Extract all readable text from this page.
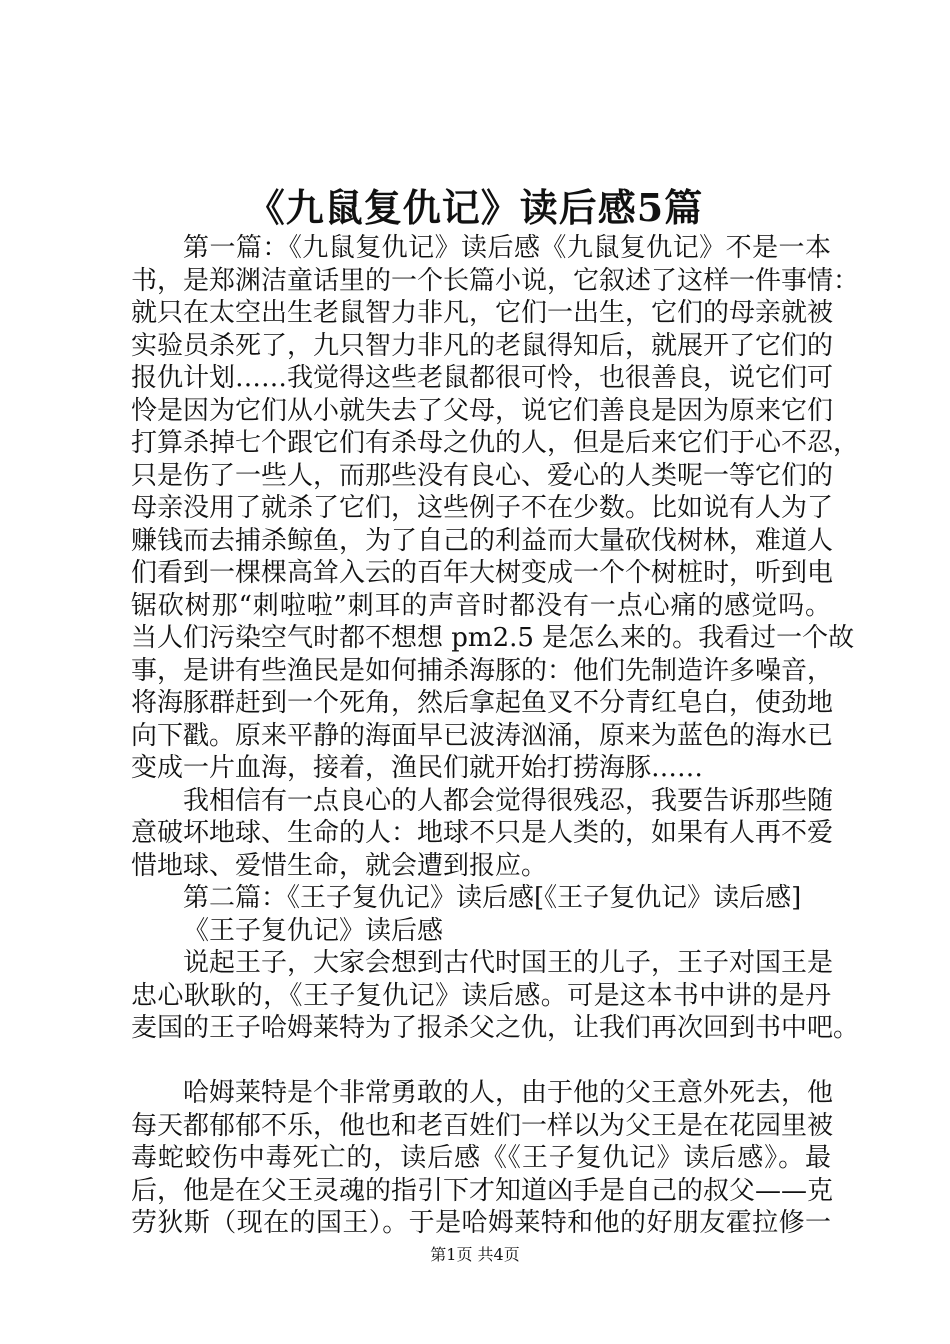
《九鼠复仇记》读后感5篇
第一篇：《九鼠复仇记》读后感《九鼠复仇记》不是一本
书，是郑渊洁童话里的一个长篇小说，它叙述了这样一件事情：
就只在太空出生老鼠智力非凡，它们一出生，它们的母亲就被
实验员杀死了，九只智力非凡的老鼠得知后，就展开了它们的
报仇计划……我觉得这些老鼠都很可怜，也很善良，说它们可
怜是因为它们从小就失去了父母，说它们善良是因为原来它们
打算杀掉七个跟它们有杀母之仇的人，但是后来它们于心不忍，
只是伤了一些人，而那些没有良心、爱心的人类呢一等它们的
母亲没用了就杀了它们，这些例子不在少数。比如说有人为了
赚钱而去捕杀鲸鱼，为了自己的利益而大量砍伐树林，难道人
们看到一棵棵高耸入云的百年大树变成一个个树桩时，听到电
锯砍树那“刺啦啦”刺耳的声音时都没有一点心痛的感觉吗。
当人们污染空气时都不想想 pm2.5 是怎么来的。我看过一个故
事，是讲有些渔民是如何捕杀海豚的：他们先制造许多噪音，
将海豚群赶到一个死角，然后拿起鱼叉不分青红皂白，使劲地
向下戳。原来平静的海面早已波涛汹涌，原来为蓝色的海水已
变成一片血海，接着，渔民们就开始打捞海豚……
我相信有一点良心的人都会觉得很残忍，我要告诉那些随
意破坏地球、生命的人：地球不只是人类的，如果有人再不爱
惜地球、爱惜生命，就会遭到报应。
第二篇：《王子复仇记》读后感[《王子复仇记》读后感]
《王子复仇记》读后感
说起王子，大家会想到古代时国王的儿子，王子对国王是
忠心耿耿的，《王子复仇记》读后感。可是这本书中讲的是丹
麦国的王子哈姆莱特为了报杀父之仇，让我们再次回到书中吧。
哈姆莱特是个非常勇敢的人，由于他的父王意外死去，他
每天都郁郁不乐，他也和老百姓们一样以为父王是在花园里被
毒蛇蛟伤中毒死亡的，读后感《《王子复仇记》读后感》。最
后，他是在父王灵魂的指引下才知道凶手是自己的叔父——克
劳狄斯（现在的国王）。于是哈姆莱特和他的好朋友霍拉修一
第1页 共4页
